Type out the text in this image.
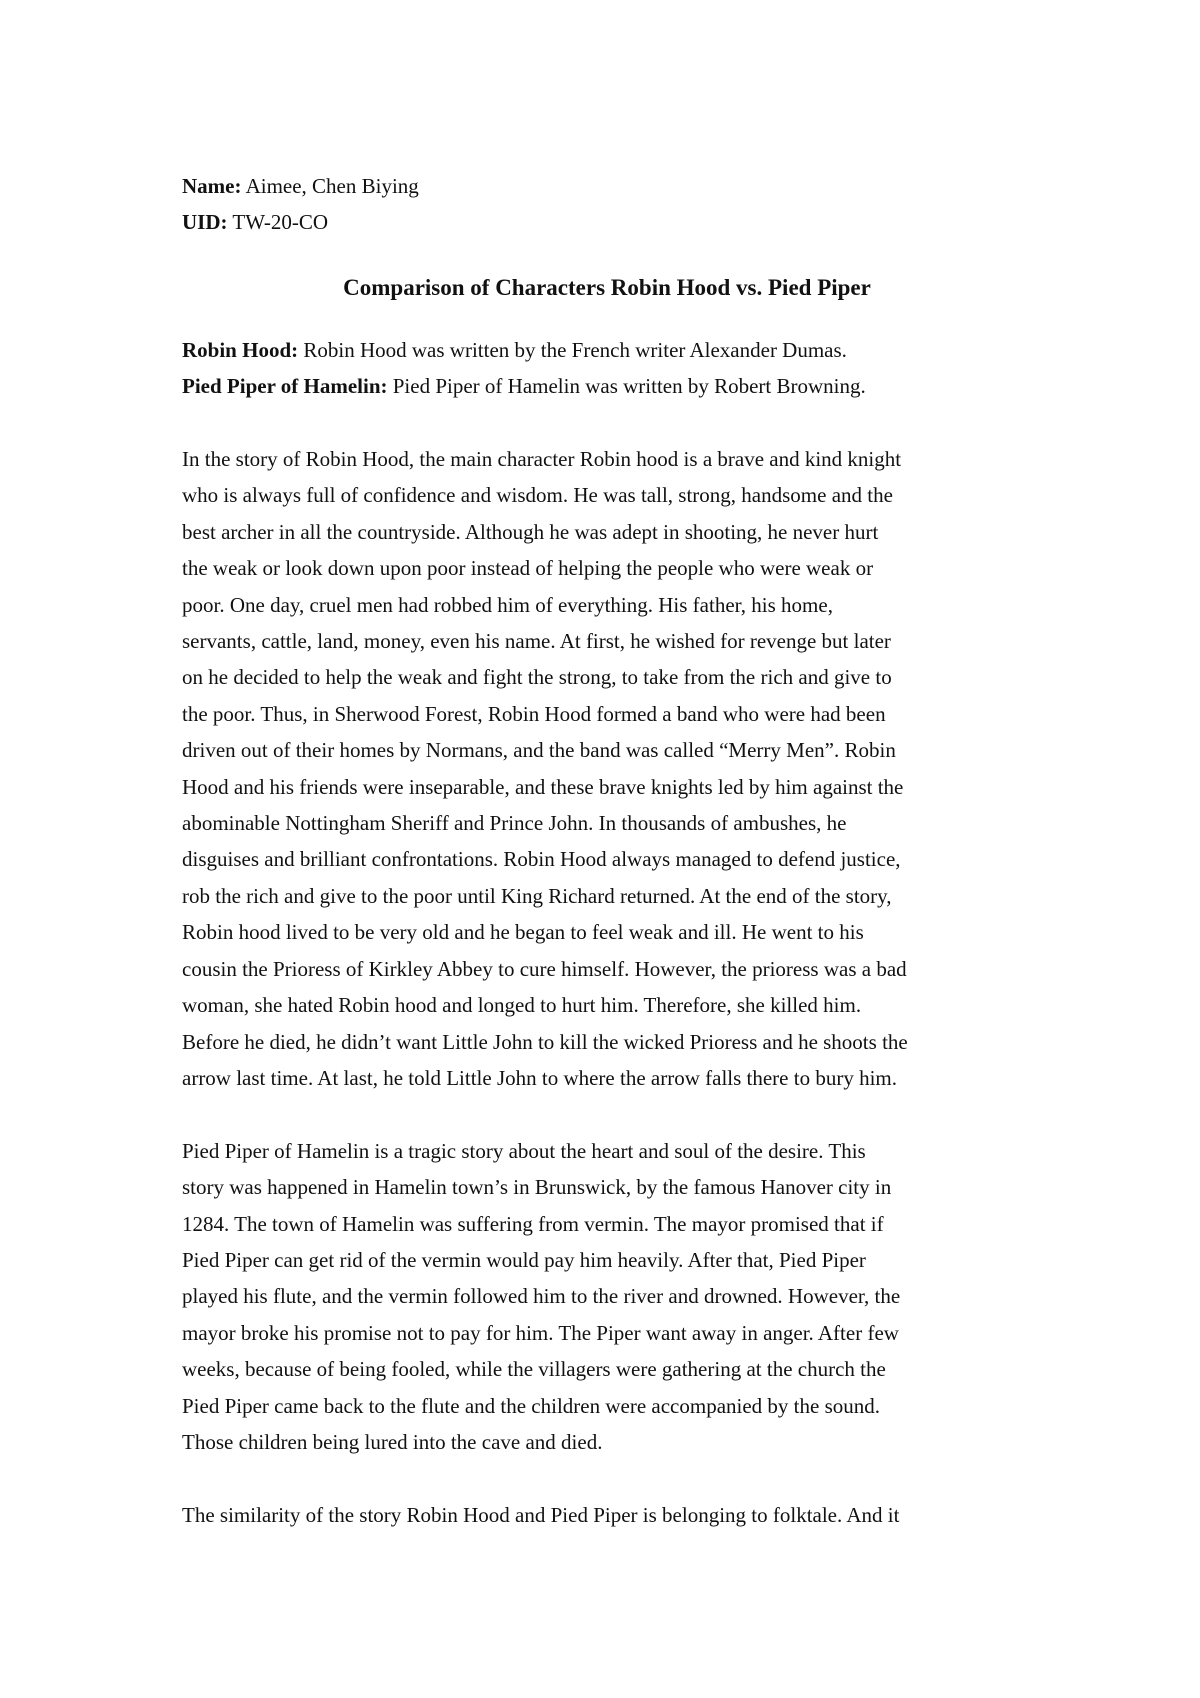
Name: Aimee, Chen Biying

UID: TW-20-CO

Comparison of Characters Robin Hood vs. Pied Piper

Robin Hood: Robin Hood was written by the French writer Alexander Dumas.

Pied Piper of Hamelin: Pied Piper of Hamelin was written by Robert Browning.

In the story of Robin Hood, the main character Robin hood is a brave and kind knight
who is always full of confidence and wisdom. He was tall, strong, handsome and the
best archer in all the countryside. Although he was adept in shooting, he never hurt
the weak or look down upon poor instead of helping the people who were weak or
poor. One day, cruel men had robbed him of everything. His father, his home,
servants, cattle, land, money, even his name. At first, he wished for revenge but later
on he decided to help the weak and fight the strong, to take from the rich and give to
the poor. Thus, in Sherwood Forest, Robin Hood formed a band who were had been
driven out of their homes by Normans, and the band was called “Merry Men”. Robin
Hood and his friends were inseparable, and these brave knights led by him against the
abominable Nottingham Sheriff and Prince John. In thousands of ambushes, he
disguises and brilliant confrontations. Robin Hood always managed to defend justice,
rob the rich and give to the poor until King Richard returned. At the end of the story,
Robin hood lived to be very old and he began to feel weak and ill. He went to his
cousin the Prioress of Kirkley Abbey to cure himself. However, the prioress was a bad
woman, she hated Robin hood and longed to hurt him. Therefore, she killed him.
Before he died, he didn’t want Little John to kill the wicked Prioress and he shoots the
arrow last time. At last, he told Little John to where the arrow falls there to bury him.

Pied Piper of Hamelin is a tragic story about the heart and soul of the desire. This
story was happened in Hamelin town’s in Brunswick, by the famous Hanover city in
1284. The town of Hamelin was suffering from vermin. The mayor promised that if
Pied Piper can get rid of the vermin would pay him heavily. After that, Pied Piper
played his flute, and the vermin followed him to the river and drowned. However, the
mayor broke his promise not to pay for him. The Piper want away in anger. After few
weeks, because of being fooled, while the villagers were gathering at the church the
Pied Piper came back to the flute and the children were accompanied by the sound.
Those children being lured into the cave and died.

The similarity of the story Robin Hood and Pied Piper is belonging to folktale. And it
